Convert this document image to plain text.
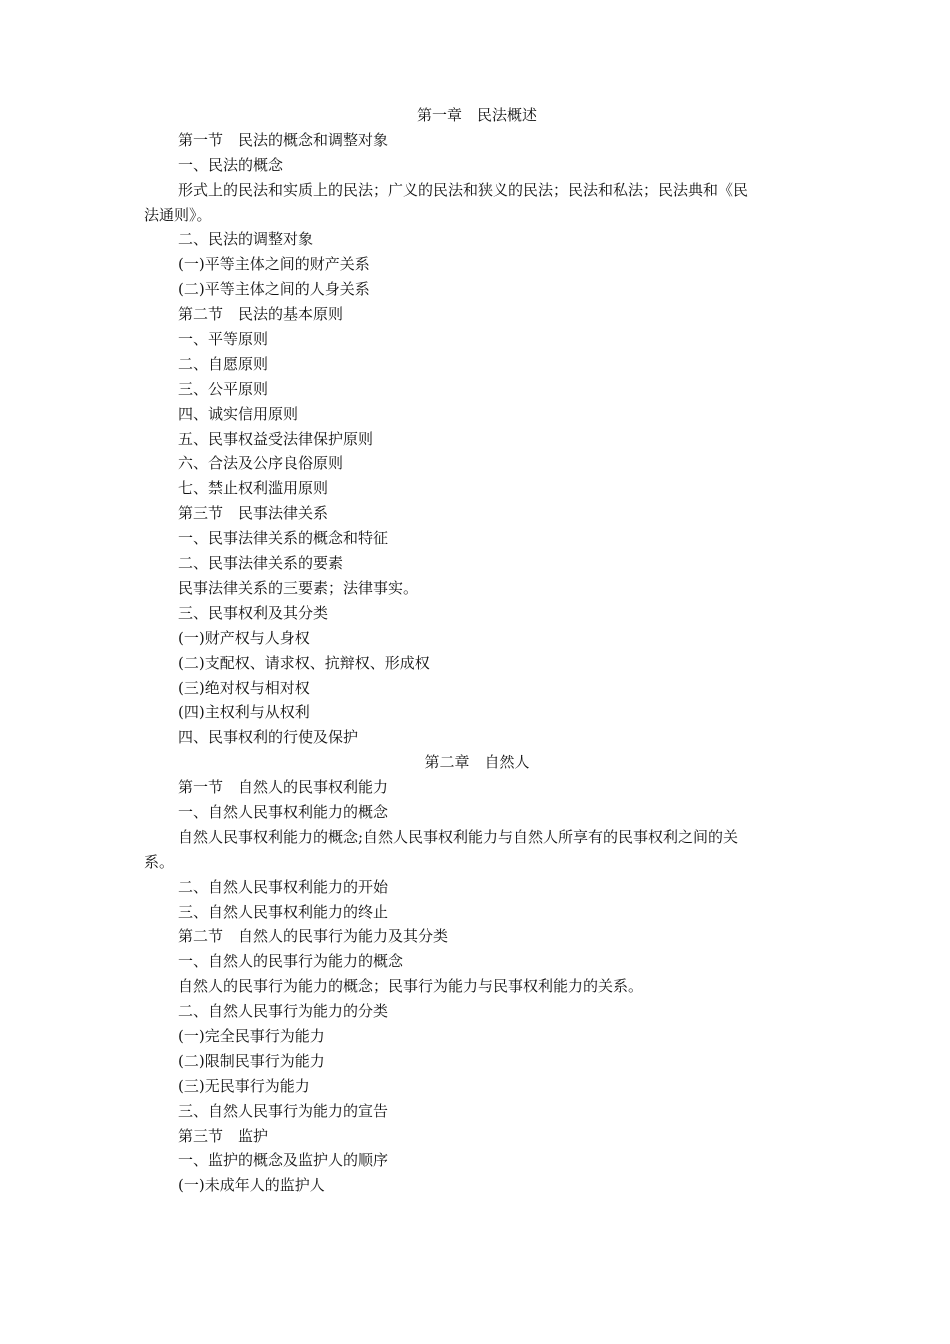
第一章　民法概述
第一节　民法的概念和调整对象
一、民法的概念
形式上的民法和实质上的民法；广义的民法和狭义的民法；民法和私法；民法典和《民
法通则》。
二、民法的调整对象
(一)平等主体之间的财产关系
(二)平等主体之间的人身关系
第二节　民法的基本原则
一、平等原则
二、自愿原则
三、公平原则
四、诚实信用原则
五、民事权益受法律保护原则
六、合法及公序良俗原则
七、禁止权利滥用原则
第三节　民事法律关系
一、民事法律关系的概念和特征
二、民事法律关系的要素
民事法律关系的三要素；法律事实。
三、民事权利及其分类
(一)财产权与人身权
(二)支配权、请求权、抗辩权、形成权
(三)绝对权与相对权
(四)主权利与从权利
四、民事权利的行使及保护
第二章　自然人
第一节　自然人的民事权利能力
一、自然人民事权利能力的概念
自然人民事权利能力的概念;自然人民事权利能力与自然人所享有的民事权利之间的关
系。
二、自然人民事权利能力的开始
三、自然人民事权利能力的终止
第二节　自然人的民事行为能力及其分类
一、自然人的民事行为能力的概念
自然人的民事行为能力的概念；民事行为能力与民事权利能力的关系。
二、自然人民事行为能力的分类
(一)完全民事行为能力
(二)限制民事行为能力
(三)无民事行为能力
三、自然人民事行为能力的宣告
第三节　监护
一、监护的概念及监护人的顺序
(一)未成年人的监护人
